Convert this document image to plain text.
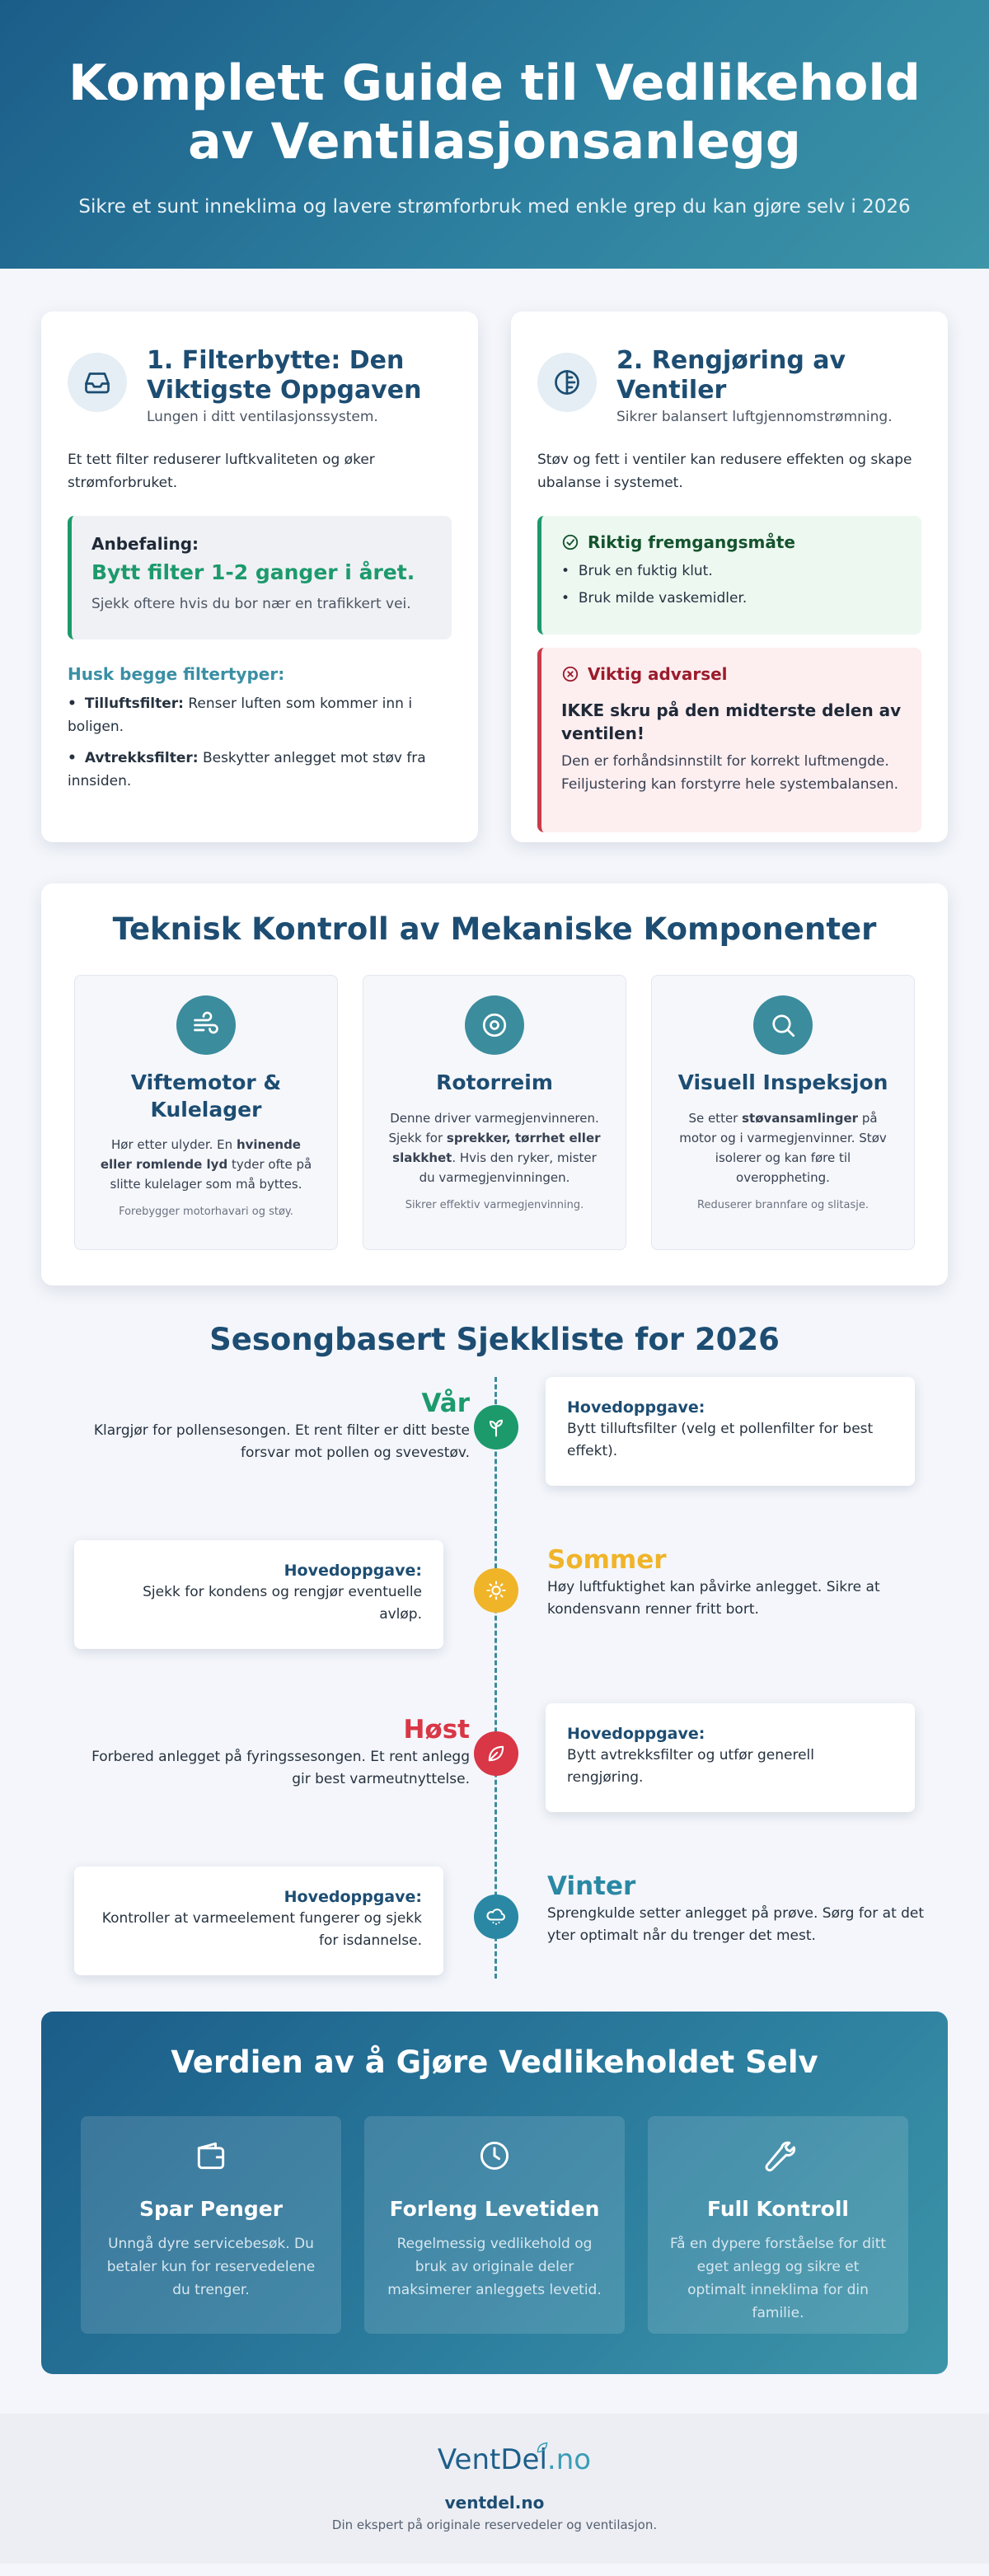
Komplett Guide til Vedlikehold av Ventilasjonsanlegg

Sikre et sunt inneklima og lavere strømforbruk med enkle grep du kan gjøre selv i 2026

1. Filterbytte: Den Viktigste Oppgaven
Lungen i ditt ventilasjonssystem.

Et tett filter reduserer luftkvaliteten og øker strømforbruket.

Anbefaling:
Bytt filter 1-2 ganger i året.
Sjekk oftere hvis du bor nær en trafikkert vei.
Husk begge filtertyper:
• Tilluftsfilter: Renser luften som kommer inn i boligen.
• Avtrekksfilter: Beskytter anlegget mot støv fra innsiden.
2. Rengjøring av Ventiler
Sikrer balansert luftgjennomstrømning.

Støv og fett i ventiler kan redusere effekten og skape ubalanse i systemet.

Riktig fremgangsmåte
• Bruk en fuktig klut.
• Bruk milde vaskemidler.
Viktig advarsel
IKKE skru på den midterste delen av ventilen!
Den er forhåndsinnstilt for korrekt luftmengde. Feiljustering kan forstyrre hele systembalansen.
Teknisk Kontroll av Mekaniske Komponenter
Viftemotor & Kulelager
Hør etter ulyder. En hvinende eller romlende lyd tyder ofte på slitte kulelager som må byttes.
Forebygger motorhavari og støy.
Rotorreim
Denne driver varmegjenvinneren. Sjekk for sprekker, tørrhet eller slakkhet. Hvis den ryker, mister du varmegjenvinningen.
Sikrer effektiv varmegjenvinning.
Visuell Inspeksjon
Se etter støvansamlinger på motor og i varmegjenvinner. Støv isolerer og kan føre til overoppheting.
Reduserer brannfare og slitasje.
Sesongbasert Sjekkliste for 2026
Vår
Klargjør for pollensesongen. Et rent filter er ditt beste forsvar mot pollen og svevestøv.
Hovedoppgave:
Bytt tilluftsfilter (velg et pollenfilter for best effekt).
Hovedoppgave:
Sjekk for kondens og rengjør eventuelle avløp.
Sommer
Høy luftfuktighet kan påvirke anlegget. Sikre at kondensvann renner fritt bort.
Høst
Forbered anlegget på fyringssesongen. Et rent anlegg gir best varmeutnyttelse.
Hovedoppgave:
Bytt avtrekksfilter og utfør generell rengjøring.
Hovedoppgave:
Kontroller at varmeelement fungerer og sjekk for isdannelse.
Vinter
Sprengkulde setter anlegget på prøve. Sørg for at det yter optimalt når du trenger det mest.
Verdien av å Gjøre Vedlikeholdet Selv
Spar Penger
Unngå dyre servicebesøk. Du betaler kun for reservedelene du trenger.
Forleng Levetiden
Regelmessig vedlikehold og bruk av originale deler maksimerer anleggets levetid.
Full Kontroll
Få en dypere forståelse for ditt eget anlegg og sikre et optimalt inneklima for din familie.
VentDel .no
ventdel.no
Din ekspert på originale reservedeler og ventilasjon.
